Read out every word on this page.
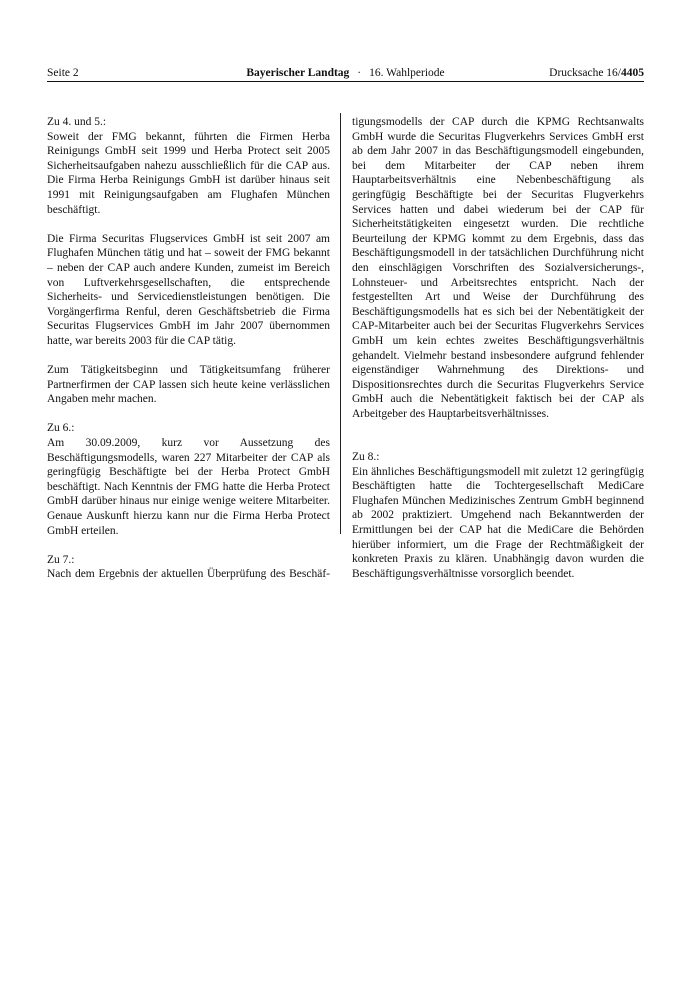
Seite 2	Bayerischer Landtag · 16. Wahlperiode	Drucksache 16/4405
Zu 4. und 5.:

Soweit der FMG bekannt, führten die Firmen Herba Reinigungs GmbH seit 1999 und Herba Protect seit 2005 Sicherheitsaufgaben nahezu ausschließlich für die CAP aus. Die Firma Herba Reinigungs GmbH ist darüber hinaus seit 1991 mit Reinigungsaufgaben am Flughafen München beschäftigt.

Die Firma Securitas Flugservices GmbH ist seit 2007 am Flughafen München tätig und hat – soweit der FMG bekannt – neben der CAP auch andere Kunden, zumeist im Bereich von Luftverkehrsgesellschaften, die entsprechende Sicherheits- und Servicedienstleistungen benötigen. Die Vorgängerfirma Renful, deren Geschäftsbetrieb die Firma Securitas Flugservices GmbH im Jahr 2007 übernommen hatte, war bereits 2003 für die CAP tätig.

Zum Tätigkeitsbeginn und Tätigkeitsumfang früherer Partnerfirmen der CAP lassen sich heute keine verlässlichen Angaben mehr machen.

Zu 6.:

Am 30.09.2009, kurz vor Aussetzung des Beschäftigungsmodells, waren 227 Mitarbeiter der CAP als geringfügig Beschäftigte bei der Herba Protect GmbH beschäftigt. Nach Kenntnis der FMG hatte die Herba Protect GmbH darüber hinaus nur einige wenige weitere Mitarbeiter. Genaue Auskunft hierzu kann nur die Firma Herba Protect GmbH erteilen.

Zu 7.:

Nach dem Ergebnis der aktuellen Überprüfung des Beschäf-

tigungsmodells der CAP durch die KPMG Rechtsanwalts GmbH wurde die Securitas Flugverkehrs Services GmbH erst ab dem Jahr 2007 in das Beschäftigungsmodell eingebunden, bei dem Mitarbeiter der CAP neben ihrem Hauptarbeitsverhältnis eine Nebenbeschäftigung als geringfügig Beschäftigte bei der Securitas Flugverkehrs Services hatten und dabei wiederum bei der CAP für Sicherheitstätigkeiten eingesetzt wurden. Die rechtliche Beurteilung der KPMG kommt zu dem Ergebnis, dass das Beschäftigungsmodell in der tatsächlichen Durchführung nicht den einschlägigen Vorschriften des Sozialversicherungs-, Lohnsteuer- und Arbeitsrechtes entspricht. Nach der festgestellten Art und Weise der Durchführung des Beschäftigungsmodells hat es sich bei der Nebentätigkeit der CAP-Mitarbeiter auch bei der Securitas Flugverkehrs Services GmbH um kein echtes zweites Beschäftigungsverhältnis gehandelt. Vielmehr bestand insbesondere aufgrund fehlender eigenständiger Wahrnehmung des Direktions- und Dispositionsrechtes durch die Securitas Flugverkehrs Service GmbH auch die Nebentätigkeit faktisch bei der CAP als Arbeitgeber des Hauptarbeitsverhältnisses.

Zu 8.:

Ein ähnliches Beschäftigungsmodell mit zuletzt 12 geringfügig Beschäftigten hatte die Tochtergesellschaft MediCare Flughafen München Medizinisches Zentrum GmbH beginnend ab 2002 praktiziert. Umgehend nach Bekanntwerden der Ermittlungen bei der CAP hat die MediCare die Behörden hierüber informiert, um die Frage der Rechtmäßigkeit der konkreten Praxis zu klären. Unabhängig davon wurden die Beschäftigungsverhältnisse vorsorglich beendet.
